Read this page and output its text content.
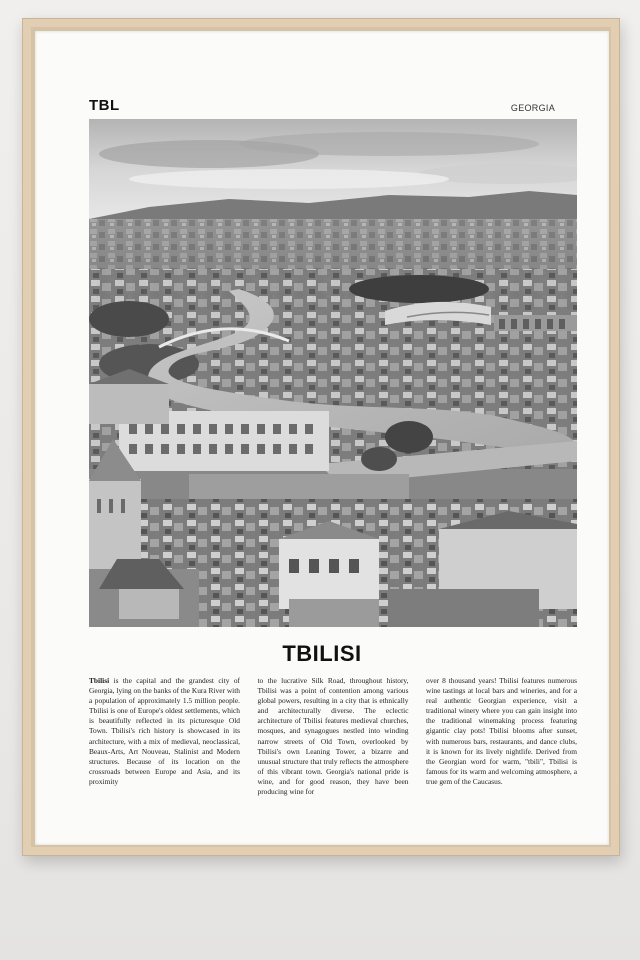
TBL	GEORGIA
TBILISI
Tbilisi is the capital and the grandest city of Georgia, lying on the banks of the Kura River with a population of approximately 1.5 million people. Tbilisi is one of Europe's oldest settlements, which is beautifully reflected in its picturesque Old Town. Tbilisi's rich history is showcased in its architecture, with a mix of medieval, neoclassical, Beaux-Arts, Art Nouveau, Stalinist and Modern structures. Because of its location on the crossroads between Europe and Asia, and its proximity
to the lucrative Silk Road, throughout history, Tbilisi was a point of contention among various global powers, resulting in a city that is ethnically and architecturally diverse. The eclectic architecture of Tbilisi features medieval churches, mosques, and synagogues nestled into winding narrow streets of Old Town, overlooked by Tbilisi's own Leaning Tower, a bizarre and unusual structure that truly reflects the atmosphere of this vibrant town. Georgia's national pride is wine, and for good reason, they have been producing wine for
over 8 thousand years! Tbilisi features numerous wine tastings at local bars and wineries, and for a real authentic Georgian experience, visit a traditional winery where you can gain insight into the traditional winemaking process featuring gigantic clay pots! Tbilisi blooms after sunset, with numerous bars, restaurants, and dance clubs, it is known for its lively nightlife. Derived from the Georgian word for warm, "tbili", Tbilisi is famous for its warm and welcoming atmosphere, a true gem of the Caucasus.
